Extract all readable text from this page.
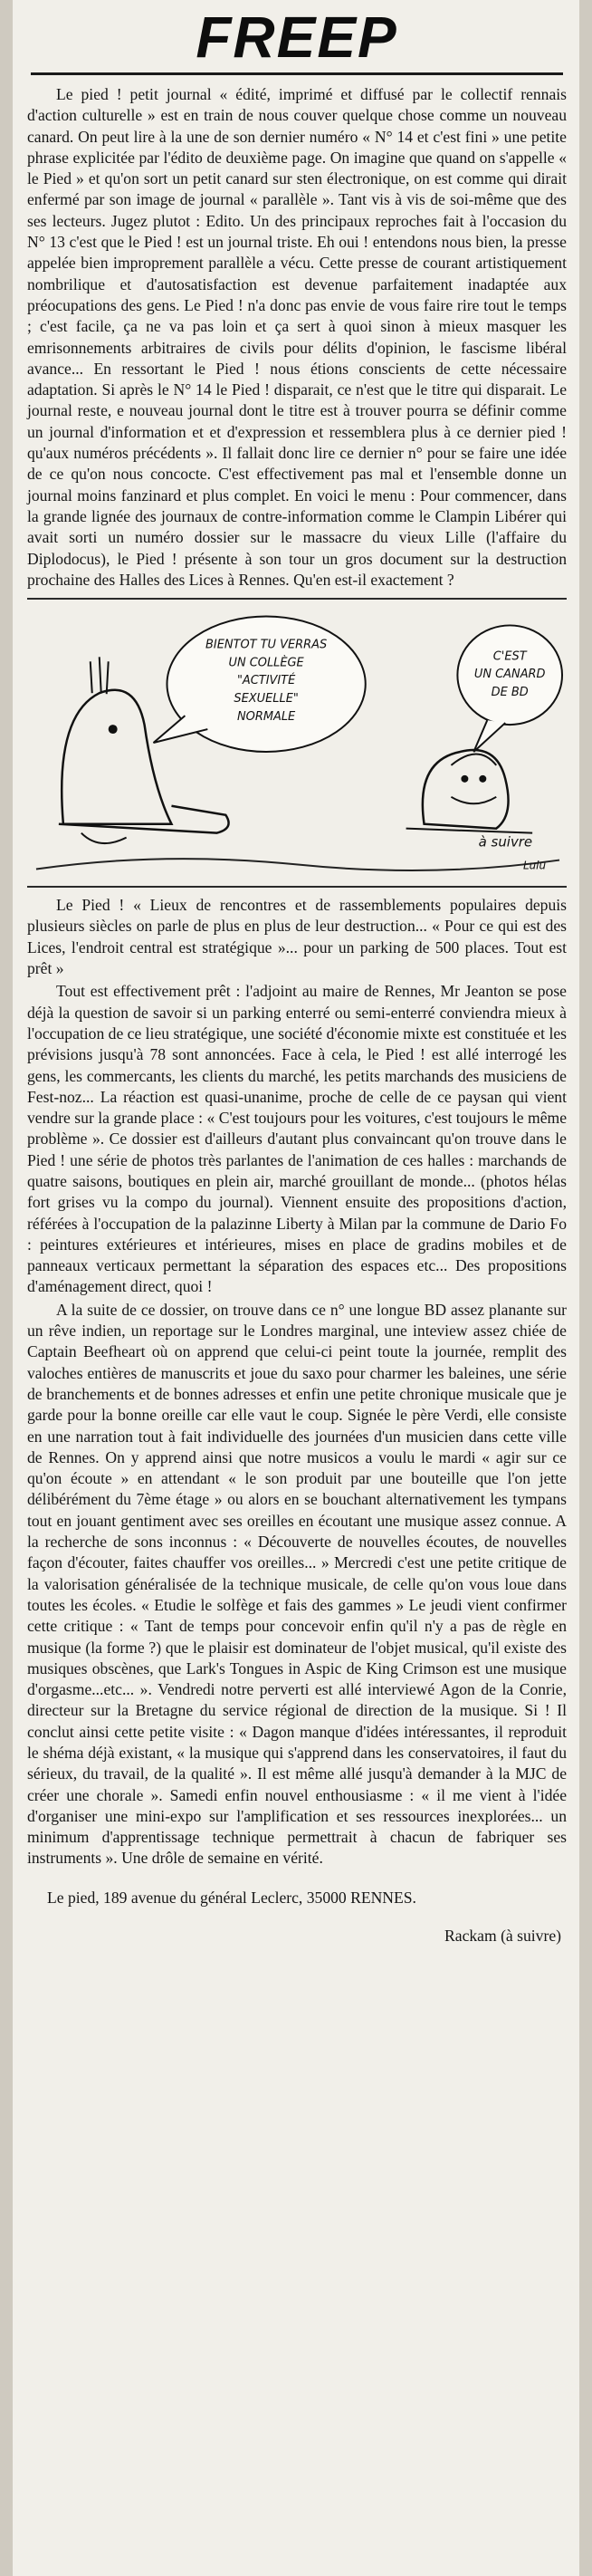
FREEP

Le pied ! petit journal « édité, imprimé et diffusé par le collectif rennais d'action culturelle » est en train de nous couver quelque chose comme un nouveau canard. On peut lire à la une de son dernier numéro « N° 14 et c'est fini » une petite phrase explicitée par l'édito de deuxième page. On imagine que quand on s'appelle « le Pied » et qu'on sort un petit canard sur sten électronique, on est comme qui dirait enfermé par son image de journal « parallèle ». Tant vis à vis de soi-même que des ses lecteurs. Jugez plutot : Edito. Un des principaux reproches fait à l'occasion du N° 13 c'est que le Pied ! est un journal triste. Eh oui ! entendons nous bien, la presse appelée bien improprement parallèle a vécu. Cette presse de courant artistiquement nombrilique et d'autosatisfaction est devenue parfaitement inadaptée aux préocupations des gens. Le Pied ! n'a donc pas envie de vous faire rire tout le temps ; c'est facile, ça ne va pas loin et ça sert à quoi sinon à mieux masquer les emrisonnements arbitraires de civils pour délits d'opinion, le fascisme libéral avance... En ressortant le Pied ! nous étions conscients de cette nécessaire adaptation. Si après le N° 14 le Pied ! disparait, ce n'est que le titre qui disparait. Le journal reste, e nouveau journal dont le titre est à trouver pourra se définir comme un journal d'information et et d'expression et ressemblera plus à ce dernier pied ! qu'aux numéros précédents ». Il fallait donc lire ce dernier n° pour se faire une idée de ce qu'on nous concocte. C'est effectivement pas mal et l'ensemble donne un journal moins fanzinard et plus complet. En voici le menu : Pour commencer, dans la grande lignée des journaux de contre-information comme le Clampin Libérer qui avait sorti un numéro dossier sur le massacre du vieux Lille (l'affaire du Diplodocus), le Pied ! présente à son tour un gros document sur la destruction prochaine des Halles des Lices à Rennes. Qu'en est-il exactement ?

BIENTOT TU VERRAS
UN COLLÈGE
"ACTIVITÉ
SEXUELLE"
NORMALE
C'EST
UN CANARD
DE BD
à suivre
Lulu

Le Pied ! « Lieux de rencontres et de rassemblements populaires depuis plusieurs siècles on parle de plus en plus de leur destruction... « Pour ce qui est des Lices, l'endroit central est stratégique »... pour un parking de 500 places. Tout est prêt »

Tout est effectivement prêt : l'adjoint au maire de Rennes, Mr Jeanton se pose déjà la question de savoir si un parking enterré ou semi-enterré conviendra mieux à l'occupation de ce lieu stratégique, une société d'économie mixte est constituée et les prévisions jusqu'à 78 sont annoncées. Face à cela, le Pied ! est allé interrogé les gens, les commercants, les clients du marché, les petits marchands des musiciens de Fest-noz... La réaction est quasi-unanime, proche de celle de ce paysan qui vient vendre sur la grande place : « C'est toujours pour les voitures, c'est toujours le même problème ». Ce dossier est d'ailleurs d'autant plus convaincant qu'on trouve dans le Pied ! une série de photos très parlantes de l'animation de ces halles : marchands de quatre saisons, boutiques en plein air, marché grouillant de monde... (photos hélas fort grises vu la compo du journal). Viennent ensuite des propositions d'action, référées à l'occupation de la palazinne Liberty à Milan par la commune de Dario Fo : peintures extérieures et intérieures, mises en place de gradins mobiles et de panneaux verticaux permettant la séparation des espaces etc... Des propositions d'aménagement direct, quoi !

A la suite de ce dossier, on trouve dans ce n° une longue BD assez planante sur un rêve indien, un reportage sur le Londres marginal, une inteview assez chiée de Captain Beefheart où on apprend que celui-ci peint toute la journée, remplit des valoches entières de manuscrits et joue du saxo pour charmer les baleines, une série de branchements et de bonnes adresses et enfin une petite chronique musicale que je garde pour la bonne oreille car elle vaut le coup. Signée le père Verdi, elle consiste en une narration tout à fait individuelle des journées d'un musicien dans cette ville de Rennes. On y apprend ainsi que notre musicos a voulu le mardi « agir sur ce qu'on écoute » en attendant « le son produit par une bouteille que l'on jette délibérément du 7ème étage » ou alors en se bouchant alternativement les tympans tout en jouant gentiment avec ses oreilles en écoutant une musique assez connue. A la recherche de sons inconnus : « Découverte de nouvelles écoutes, de nouvelles façon d'écouter, faites chauffer vos oreilles... » Mercredi c'est une petite critique de la valorisation généralisée de la technique musicale, de celle qu'on vous loue dans toutes les écoles. « Etudie le solfège et fais des gammes » Le jeudi vient confirmer cette critique : « Tant de temps pour concevoir enfin qu'il n'y a pas de règle en musique (la forme ?) que le plaisir est dominateur de l'objet musical, qu'il existe des musiques obscènes, que Lark's Tongues in Aspic de King Crimson est une musique d'orgasme...etc... ». Vendredi notre perverti est allé interviewé Agon de la Conrie, directeur sur la Bretagne du service régional de direction de la musique. Si ! Il conclut ainsi cette petite visite : « Dagon manque d'idées intéressantes, il reproduit le shéma déjà existant, « la musique qui s'apprend dans les conservatoires, il faut du sérieux, du travail, de la qualité ». Il est même allé jusqu'à demander à la MJC de créer une chorale ». Samedi enfin nouvel enthousiasme : « il me vient à l'idée d'organiser une mini-expo sur l'amplification et ses ressources inexplorées... un minimum d'apprentissage technique permettrait à chacun de fabriquer ses instruments ». Une drôle de semaine en vérité.

Le pied, 189 avenue du général Leclerc, 35000 RENNES.
Rackam (à suivre)
